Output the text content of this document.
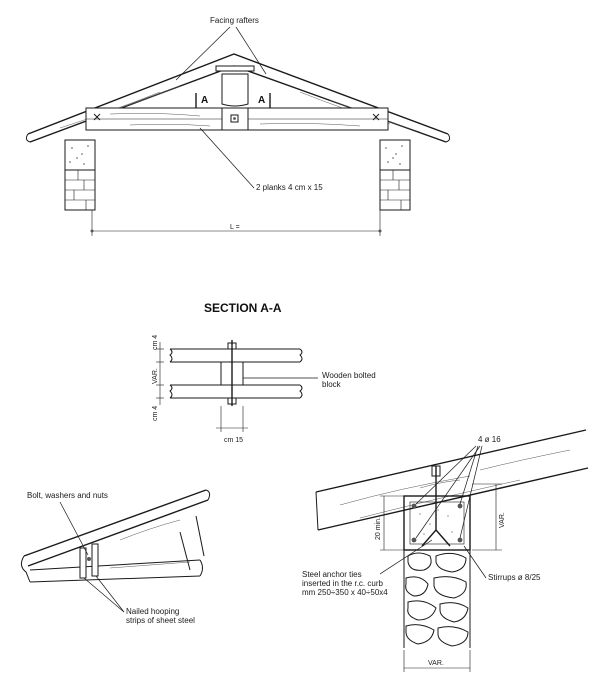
A	A
Facing rafters
2 planks 4 cm x 15
L =
SECTION A-A
cm 4
VAR.
cm 4
cm 15
Wooden bolted
block
Bolt, washers and nuts
Nailed hooping
strips of sheet steel
VAR.
VAR.
20 min.
4 ø 16
Steel anchor ties
inserted in the r.c. curb
mm 250÷350 x 40÷50x4
Stirrups ø 8/25
